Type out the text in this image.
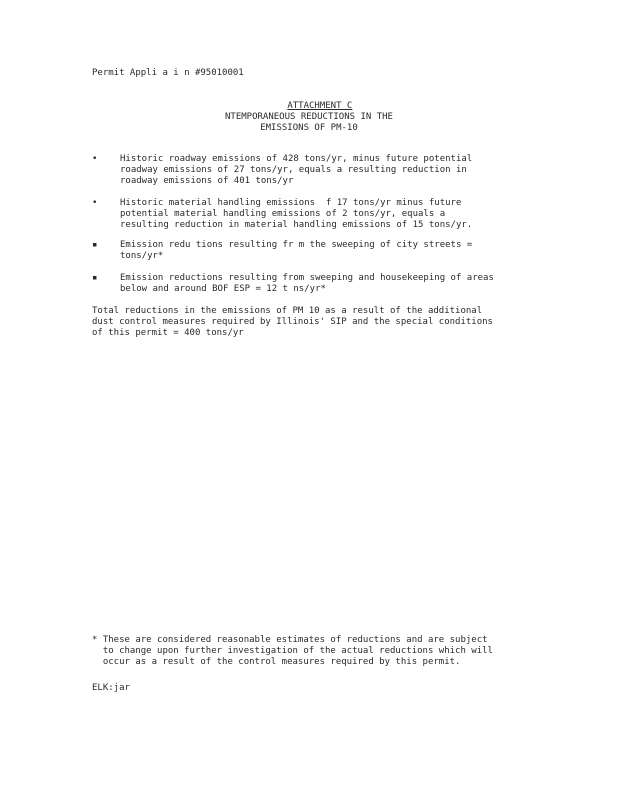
Permit Appli a i n #95010001

ATTACHMENT C

NTEMPORANEOUS REDUCTIONS IN THE
EMISSIONS OF PM-10
•	Historic roadway emissions of 428 tons/yr, minus future potential
roadway emissions of 27 tons/yr, equals a resulting reduction in
roadway emissions of 401 tons/yr
•	Historic material handling emissions  f 17 tons/yr minus future
potential material handling emissions of 2 tons/yr, equals a
resulting reduction in material handling emissions of 15 tons/yr.
▪	Emission redu tions resulting fr m the sweeping of city streets =
tons/yr*
▪	Emission reductions resulting from sweeping and housekeeping of areas
below and around BOF ESP = 12 t ns/yr*
Total reductions in the emissions of PM 10 as a result of the additional
dust control measures required by Illinois' SIP and the special conditions
of this permit = 400 tons/yr
* These are considered reasonable estimates of reductions and are subject
to change upon further investigation of the actual reductions which will
occur as a result of the control measures required by this permit.
ELK:jar
